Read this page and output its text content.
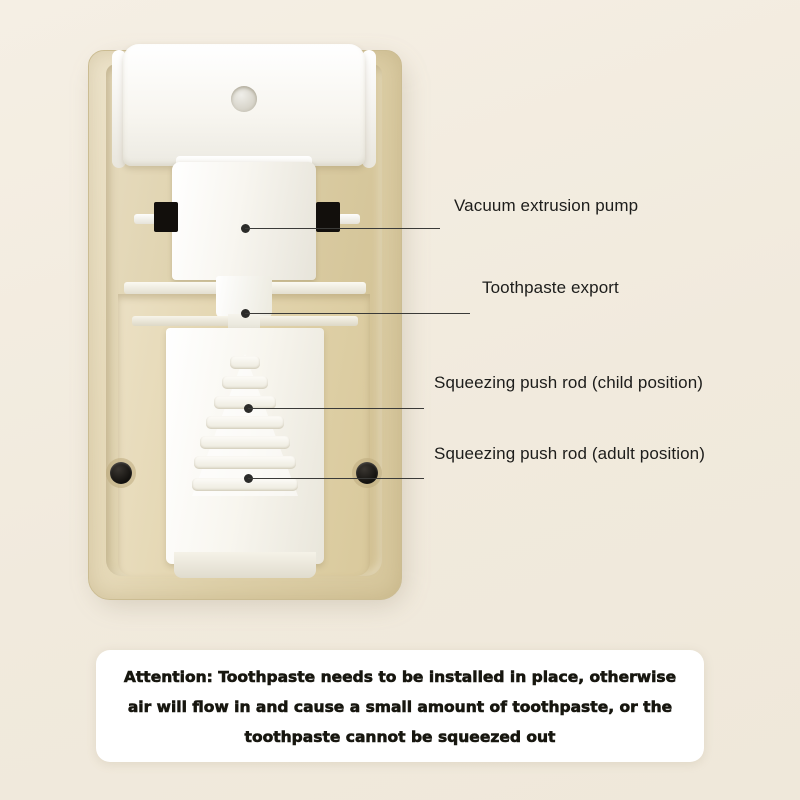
Vacuum extrusion pump
Toothpaste export
Squeezing push rod (child position)
Squeezing push rod (adult position)
Attention: Toothpaste needs to be installed in place, otherwise air will flow in and cause a small amount of toothpaste, or the toothpaste cannot be squeezed out
